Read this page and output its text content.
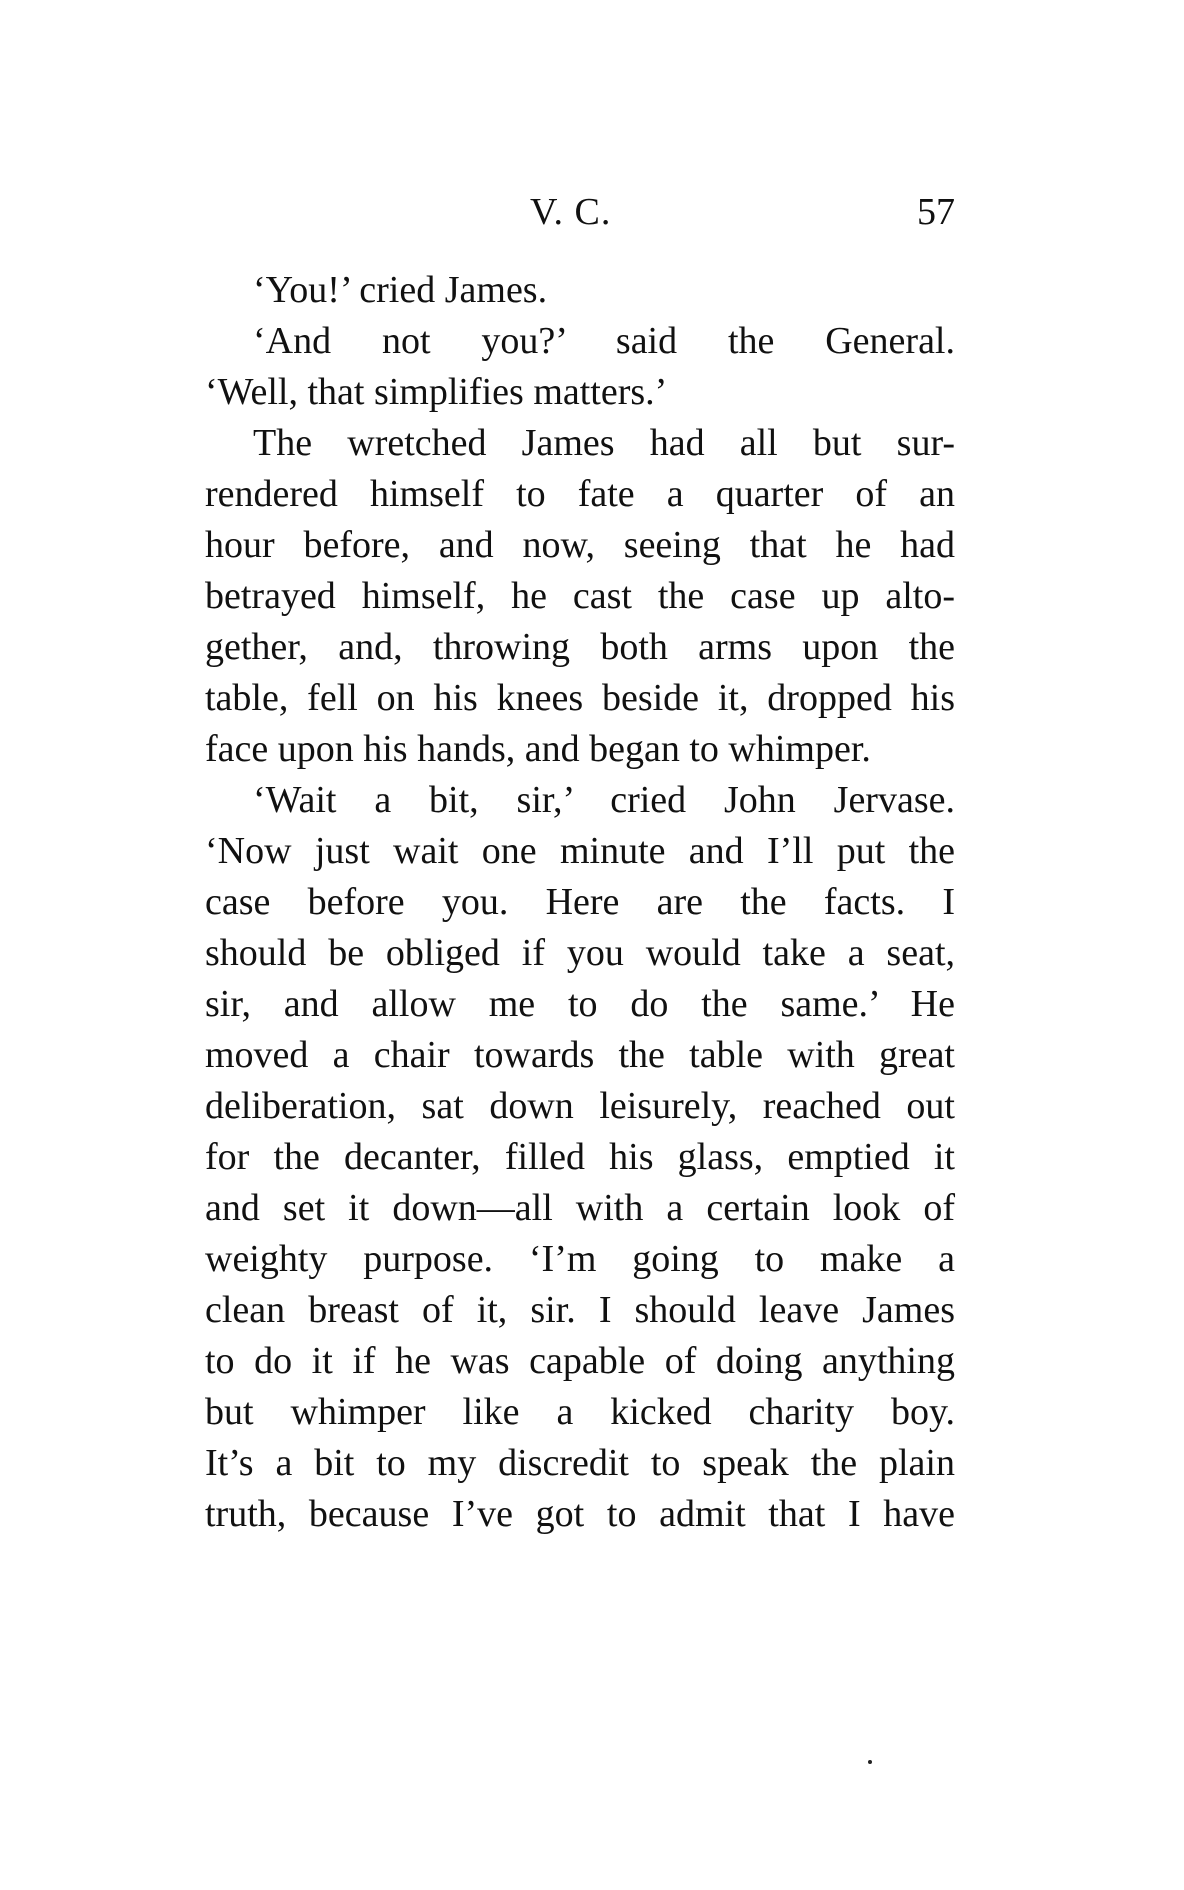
V. C.	57
‘You!’ cried James.
‘And not you?’ said the General.
‘Well, that simplifies matters.’
The wretched James had all but sur-
rendered himself to fate a quarter of an
hour before, and now, seeing that he had
betrayed himself, he cast the case up alto-
gether, and, throwing both arms upon the
table, fell on his knees beside it, dropped his
face upon his hands, and began to whimper.
‘Wait a bit, sir,’ cried John Jervase.
‘Now just wait one minute and I’ll put the
case before you. Here are the facts. I
should be obliged if you would take a seat,
sir, and allow me to do the same.’ He
moved a chair towards the table with great
deliberation, sat down leisurely, reached out
for the decanter, filled his glass, emptied it
and set it down—all with a certain look of
weighty purpose. ‘I’m going to make a
clean breast of it, sir. I should leave James
to do it if he was capable of doing anything
but whimper like a kicked charity boy.
It’s a bit to my discredit to speak the plain
truth, because I’ve got to admit that I have
